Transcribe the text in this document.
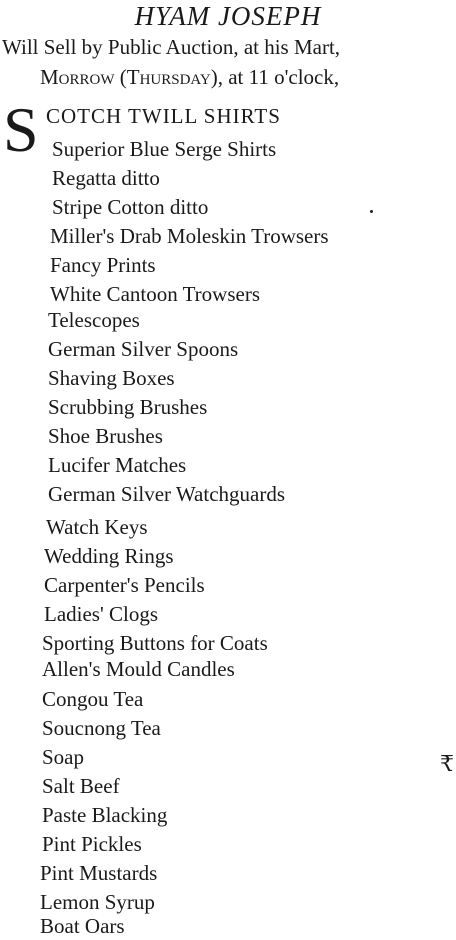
HYAM JOSEPH
Will Sell by Public Auction, at his Mart,
Morrow (Thursday), at 11 o'clock,
S COTCH TWILL SHIRTS
Superior Blue Serge Shirts
Regatta ditto
Stripe Cotton ditto
Miller's Drab Moleskin Trowsers
Fancy Prints
White Cantoon Trowsers
Telescopes
German Silver Spoons
Shaving Boxes
Scrubbing Brushes
Shoe Brushes
Lucifer Matches
German Silver Watchguards
Watch Keys
Wedding Rings
Carpenter's Pencils
Ladies' Clogs
Sporting Buttons for Coats
Allen's Mould Candles
Congou Tea
Soucnong Tea
Soap
Salt Beef
Paste Blacking
Pint Pickles
Pint Mustards
Lemon Syrup
Boat Oars
₹
